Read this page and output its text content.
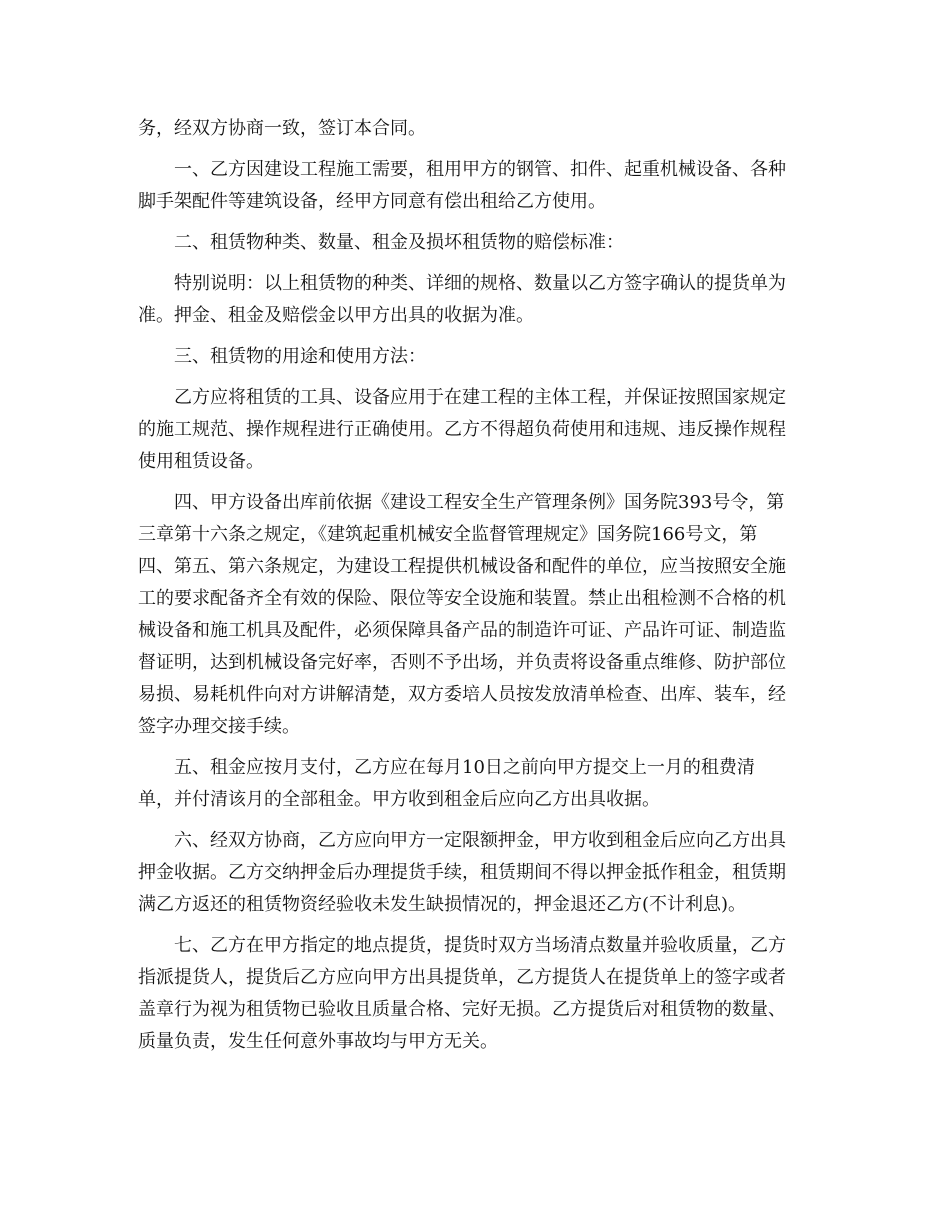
务，经双方协商一致，签订本合同。
　　一、乙方因建设工程施工需要，租用甲方的钢管、扣件、起重机械设备、各种
脚手架配件等建筑设备，经甲方同意有偿出租给乙方使用。
　　二、租赁物种类、数量、租金及损坏租赁物的赔偿标准：
　　特别说明：以上租赁物的种类、详细的规格、数量以乙方签字确认的提货单为
准。押金、租金及赔偿金以甲方出具的收据为准。
　　三、租赁物的用途和使用方法：
　　乙方应将租赁的工具、设备应用于在建工程的主体工程，并保证按照国家规定
的施工规范、操作规程进行正确使用。乙方不得超负荷使用和违规、违反操作规程
使用租赁设备。
　　四、甲方设备出库前依据《建设工程安全生产管理条例》国务院393号令，第
三章第十六条之规定，《建筑起重机械安全监督管理规定》国务院166号文，第
四、第五、第六条规定，为建设工程提供机械设备和配件的单位，应当按照安全施
工的要求配备齐全有效的保险、限位等安全设施和装置。禁止出租检测不合格的机
械设备和施工机具及配件，必须保障具备产品的制造许可证、产品许可证、制造监
督证明，达到机械设备完好率，否则不予出场，并负责将设备重点维修、防护部位
易损、易耗机件向对方讲解清楚，双方委培人员按发放清单检查、出库、装车，经
签字办理交接手续。
　　五、租金应按月支付，乙方应在每月10日之前向甲方提交上一月的租费清
单，并付清该月的全部租金。甲方收到租金后应向乙方出具收据。
　　六、经双方协商，乙方应向甲方一定限额押金，甲方收到租金后应向乙方出具
押金收据。乙方交纳押金后办理提货手续，租赁期间不得以押金抵作租金，租赁期
满乙方返还的租赁物资经验收未发生缺损情况的，押金退还乙方(不计利息)。
　　七、乙方在甲方指定的地点提货，提货时双方当场清点数量并验收质量，乙方
指派提货人，提货后乙方应向甲方出具提货单，乙方提货人在提货单上的签字或者
盖章行为视为租赁物已验收且质量合格、完好无损。乙方提货后对租赁物的数量、
质量负责，发生任何意外事故均与甲方无关。
